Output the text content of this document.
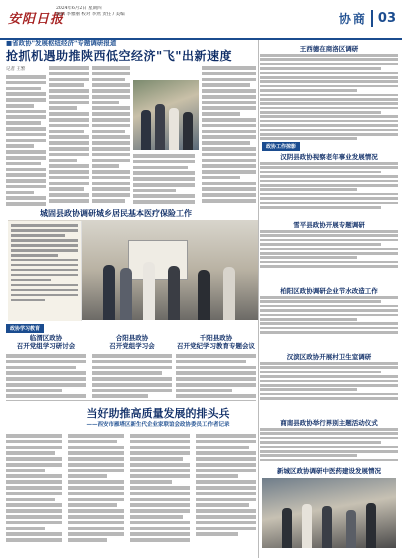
安阳日报
2024年6月2日 星期四
编辑 李雅丽 校对 李然 责任 / 美编	协商 03
■省政协"发展枢纽经济"专题调研报道
抢抓机遇助推陕西低空经济"飞"出新速度
记者 王繁
城固县政协调研城乡居民基本医疗保险工作
政协学习教育
临渭区政协
召开党组学习研讨会
合阳县政协
召开党组学习会
千阳县政协
召开党纪学习教育专题会议
当好助推高质量发展的排头兵
——西安市雁塔区新生代企业家联谊会政协委员工作者记录
王西德在商洛区调研
政协工作掠影
汉阴县政协视察老年事业发展情况
雪平县政协开展专题调研
柏阳区政协调研企业节水改造工作
汉滨区政协开展村卫生室调研
商南县政协举行界别主题活动仪式
新城区政协调研中医药建设发展情况
